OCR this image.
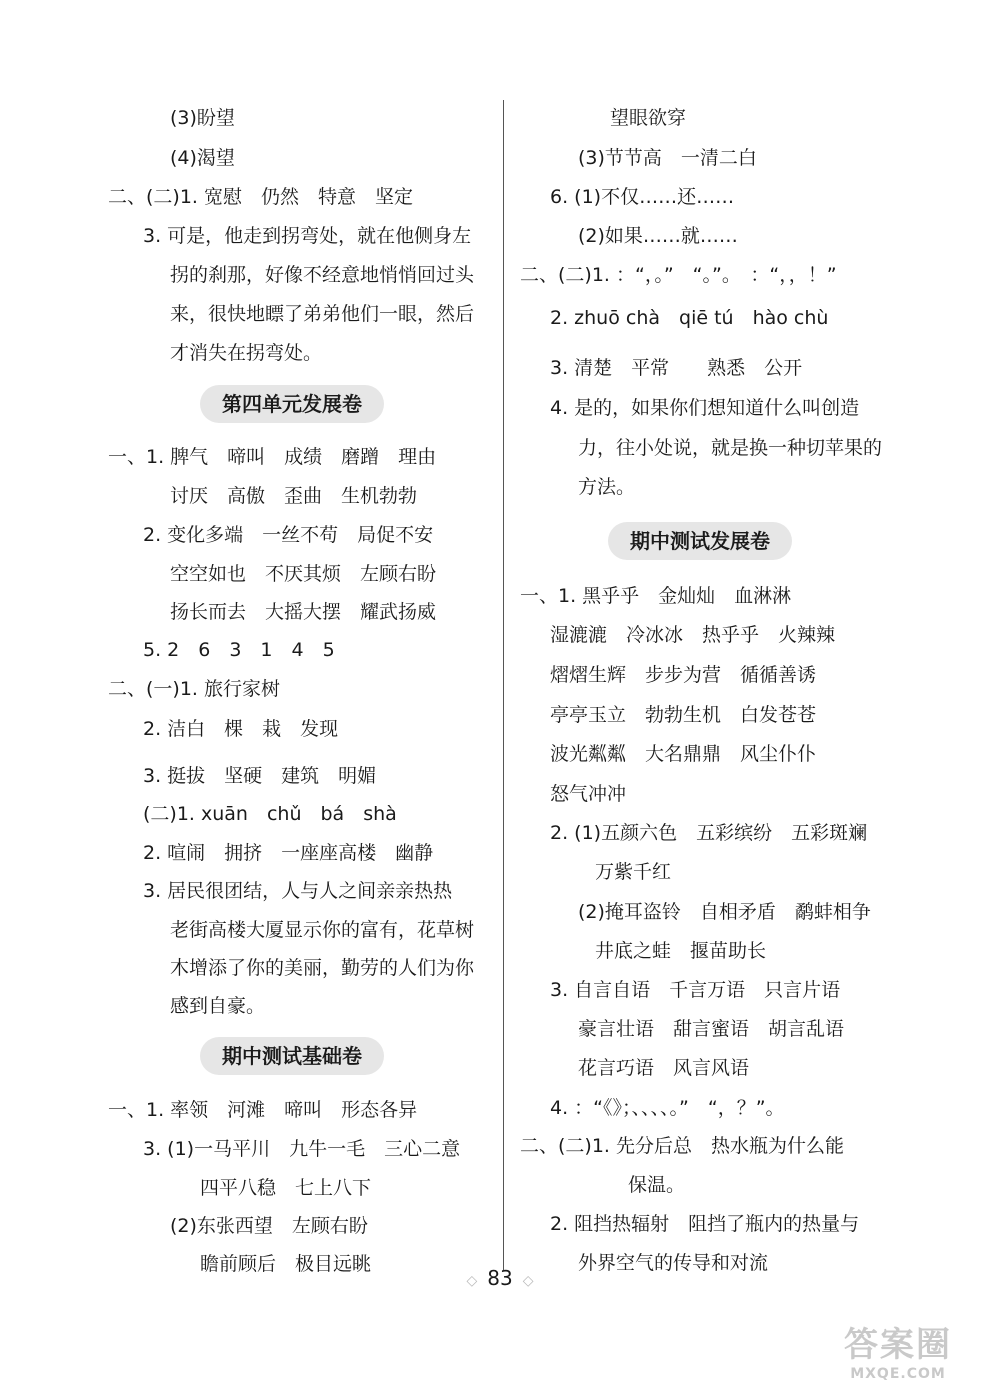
(3)盼望
(4)渴望
二、(二)1. 宽慰　仍然　特意　坚定
3. 可是，他走到拐弯处，就在他侧身左
拐的刹那，好像不经意地悄悄回过头
来，很快地瞟了弟弟他们一眼，然后
才消失在拐弯处。
一、1. 脾气　啼叫　成绩　磨蹭　理由
讨厌　高傲　歪曲　生机勃勃
2. 变化多端　一丝不苟　局促不安
空空如也　不厌其烦　左顾右盼
扬长而去　大摇大摆　耀武扬威
5. 2　6　3　1　4　5
二、(一)1. 旅行家树
2. 洁白　棵　栽　发现
3. 挺拔　坚硬　建筑　明媚
(二)1. xuān　chǔ　bá　shà
2. 喧闹　拥挤　一座座高楼　幽静
3. 居民很团结，人与人之间亲亲热热
老街高楼大厦显示你的富有，花草树
木增添了你的美丽，勤劳的人们为你
感到自豪。
一、1. 率领　河滩　啼叫　形态各异
3. (1)一马平川　九牛一毛　三心二意
四平八稳　七上八下
(2)东张西望　左顾右盼
瞻前顾后　极目远眺
第四单元发展卷
期中测试基础卷
望眼欲穿
(3)节节高　一清二白
6. (1)不仅……还……
(2)如果……就……
二、(二)1. ：“，。”　“。”。　：“，，！”
2. zhuō chà　qiē tú　hào chù
3. 清楚　平常　　熟悉　公开
4. 是的，如果你们想知道什么叫创造
力，往小处说，就是换一种切苹果的
方法。
一、1. 黑乎乎　金灿灿　血淋淋
湿漉漉　冷冰冰　热乎乎　火辣辣
熠熠生辉　步步为营　循循善诱
亭亭玉立　勃勃生机　白发苍苍
波光粼粼　大名鼎鼎　风尘仆仆
怒气冲冲
2. (1)五颜六色　五彩缤纷　五彩斑斓
万紫千红
(2)掩耳盗铃　自相矛盾　鹬蚌相争
井底之蛙　揠苗助长
3. 自言自语　千言万语　只言片语
豪言壮语　甜言蜜语　胡言乱语
花言巧语　风言风语
4. ：“《》；、、、、。”　“，？”。
二、(二)1. 先分后总　热水瓶为什么能
保温。
2. 阻挡热辐射　阻挡了瓶内的热量与
外界空气的传导和对流
期中测试发展卷
◇ 83 ◇
答案圈
MXQE.COM
